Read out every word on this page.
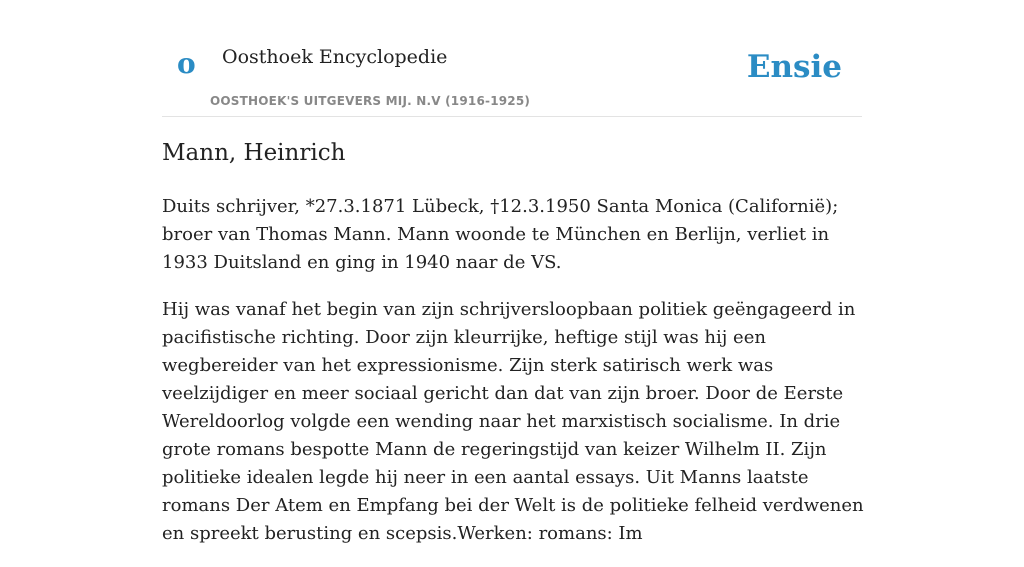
o Oosthoek Encyclopedie
OOSTHOEK'S UITGEVERS MIJ. N.V (1916-1925)
Ensie
Mann, Heinrich

Duits schrijver, *27.3.1871 Lübeck, †12.3.1950 Santa Monica (Californië); broer van Thomas Mann. Mann woonde te München en Berlijn, verliet in 1933 Duitsland en ging in 1940 naar de VS.

Hij was vanaf het begin van zijn schrijversloopbaan politiek geëngageerd in pacifistische richting. Door zijn kleurrijke, heftige stijl was hij een wegbereider van het expressionisme. Zijn sterk satirisch werk was veelzijdiger en meer sociaal gericht dan dat van zijn broer. Door de Eerste Wereldoorlog volgde een wending naar het marxistisch socialisme. In drie grote romans bespotte Mann de regeringstijd van keizer Wilhelm II. Zijn politieke idealen legde hij neer in een aantal essays. Uit Manns laatste romans Der Atem en Empfang bei der Welt is de politieke felheid verdwenen en spreekt berusting en scepsis.Werken: romans: Im
